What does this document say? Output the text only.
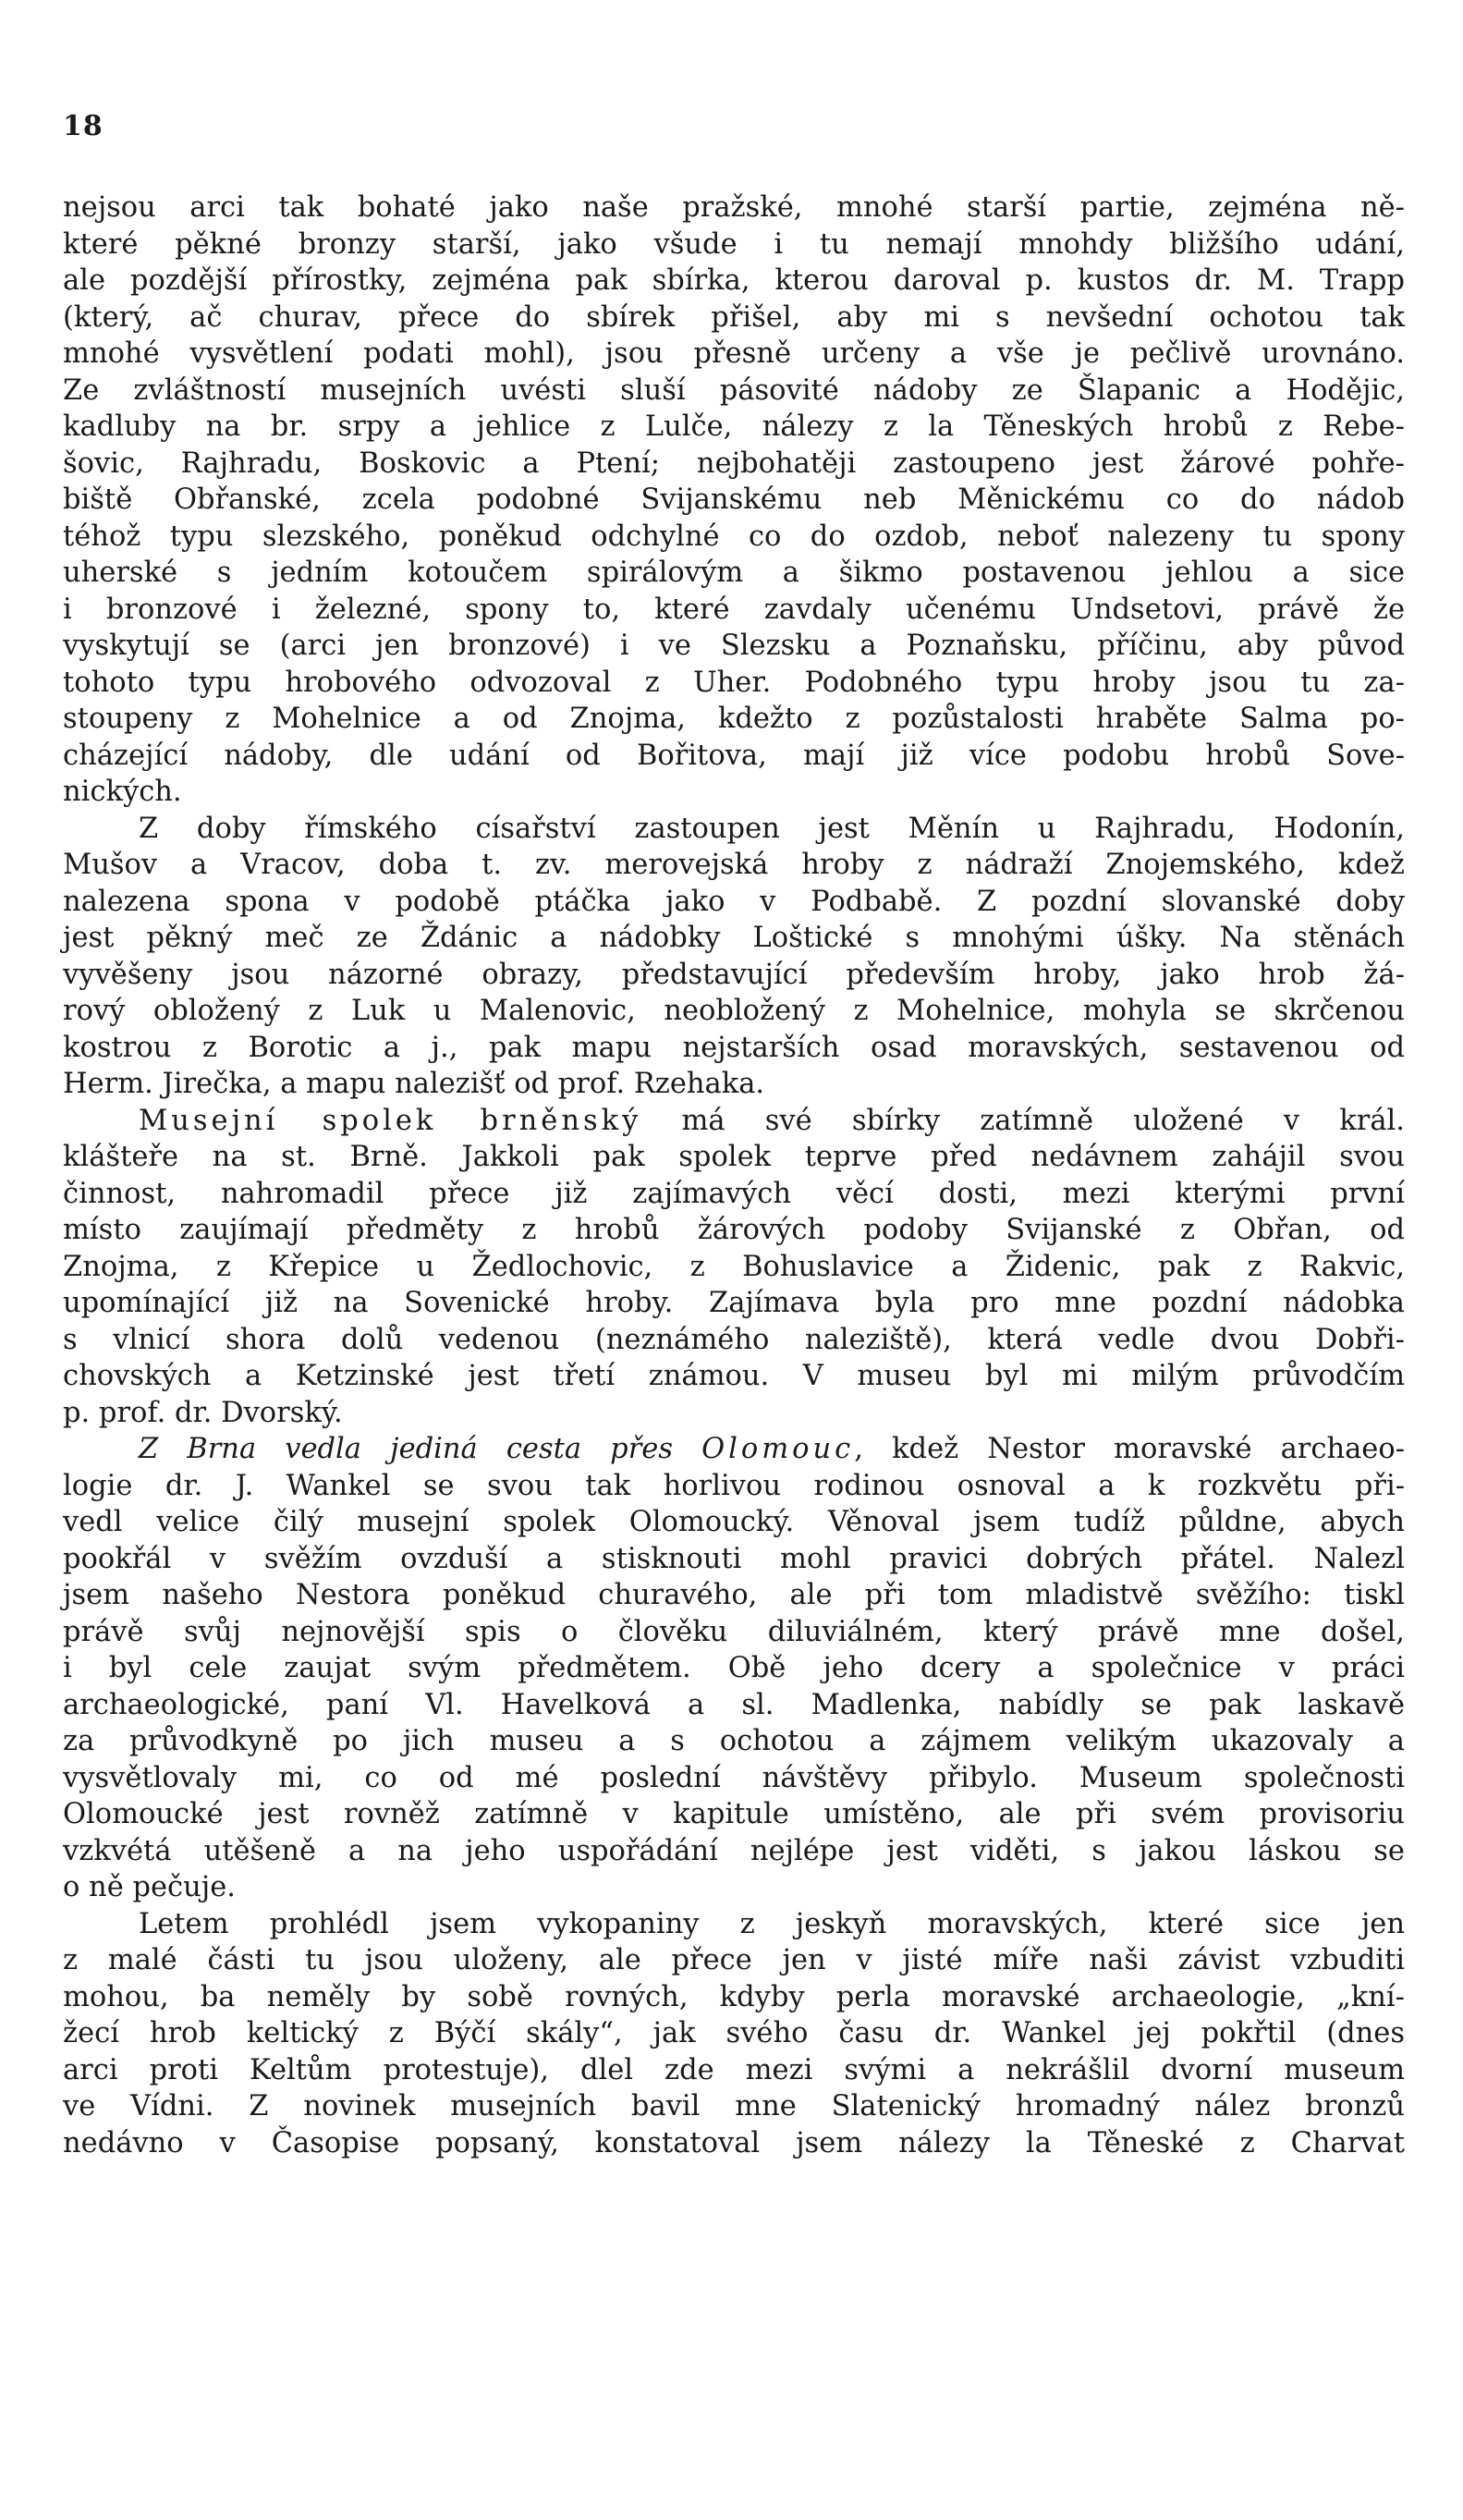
18
nejsou arci tak bohaté jako naše pražské, mnohé starší partie, zejména ně-
které pěkné bronzy starší, jako všude i tu nemají mnohdy bližšího udání,
ale pozdější přírostky, zejména pak sbírka, kterou daroval p. kustos dr. M. Trapp
(který, ač churav, přece do sbírek přišel, aby mi s nevšední ochotou tak
mnohé vysvětlení podati mohl), jsou přesně určeny a vše je pečlivě urovnáno.
Ze zvláštností musejních uvésti sluší pásovité nádoby ze Šlapanic a Hodějic,
kadluby na br. srpy a jehlice z Lulče, nálezy z la Těneských hrobů z Rebe-
šovic, Rajhradu, Boskovic a Ptení; nejbohatěji zastoupeno jest žárové pohře-
biště Obřanské, zcela podobné Svijanskému neb Měnickému co do nádob
téhož typu slezského, poněkud odchylné co do ozdob, neboť nalezeny tu spony
uherské s jedním kotoučem spirálovým a šikmo postavenou jehlou a sice
i bronzové i železné, spony to, které zavdaly učenému Undsetovi, právě že
vyskytují se (arci jen bronzové) i ve Slezsku a Poznaňsku, příčinu, aby původ
tohoto typu hrobového odvozoval z Uher. Podobného typu hroby jsou tu za-
stoupeny z Mohelnice a od Znojma, kdežto z pozůstalosti hraběte Salma po-
cházející nádoby, dle udání od Bořitova, mají již více podobu hrobů Sove-
nických.
Z doby římského císařství zastoupen jest Měnín u Rajhradu, Hodonín,
Mušov a Vracov, doba t. zv. merovejská hroby z nádraží Znojemského, kdež
nalezena spona v podobě ptáčka jako v Podbabě. Z pozdní slovanské doby
jest pěkný meč ze Ždánic a nádobky Loštické s mnohými úšky. Na stěnách
vyvěšeny jsou názorné obrazy, představující především hroby, jako hrob žá-
rový obložený z Luk u Malenovic, neobložený z Mohelnice, mohyla se skrčenou
kostrou z Borotic a j., pak mapu nejstarších osad moravských, sestavenou od
Herm. Jirečka, a mapu nalezišť od prof. Rzehaka.
Musejní spolek brněnský má své sbírky zatímně uložené v král.
klášteře na st. Brně. Jakkoli pak spolek teprve před nedávnem zahájil svou
činnost, nahromadil přece již zajímavých věcí dosti, mezi kterými první
místo zaujímají předměty z hrobů žárových podoby Svijanské z Obřan, od
Znojma, z Křepice u Žedlochovic, z Bohuslavice a Židenic, pak z Rakvic,
upomínající již na Sovenické hroby. Zajímava byla pro mne pozdní nádobka
s vlnicí shora dolů vedenou (neznámého naleziště), která vedle dvou Dobři-
chovských a Ketzinské jest třetí známou. V museu byl mi milým průvodčím
p. prof. dr. Dvorský.
Z Brna vedla jediná cesta přes Olomouc, kdež Nestor moravské archaeo-
logie dr. J. Wankel se svou tak horlivou rodinou osnoval a k rozkvětu při-
vedl velice čilý musejní spolek Olomoucký. Věnoval jsem tudíž půldne, abych
pookřál v svěžím ovzduší a stisknouti mohl pravici dobrých přátel. Nalezl
jsem našeho Nestora poněkud churavého, ale při tom mladistvě svěžího: tiskl
právě svůj nejnovější spis o člověku diluviálném, který právě mne došel,
i byl cele zaujat svým předmětem. Obě jeho dcery a společnice v práci
archaeologické, paní Vl. Havelková a sl. Madlenka, nabídly se pak laskavě
za průvodkyně po jich museu a s ochotou a zájmem velikým ukazovaly a
vysvětlovaly mi, co od mé poslední návštěvy přibylo. Museum společnosti
Olomoucké jest rovněž zatímně v kapitule umístěno, ale při svém provisoriu
vzkvétá utěšeně a na jeho uspořádání nejlépe jest viděti, s jakou láskou se
o ně pečuje.
Letem prohlédl jsem vykopaniny z jeskyň moravských, které sice jen
z malé části tu jsou uloženy, ale přece jen v jisté míře naši závist vzbuditi
mohou, ba neměly by sobě rovných, kdyby perla moravské archaeologie, „kní-
žecí hrob keltický z Býčí skály“, jak svého času dr. Wankel jej pokřtil (dnes
arci proti Keltům protestuje), dlel zde mezi svými a nekrášlil dvorní museum
ve Vídni. Z novinek musejních bavil mne Slatenický hromadný nález bronzů
nedávno v Časopise popsaný, konstatoval jsem nálezy la Těneské z Charvat
